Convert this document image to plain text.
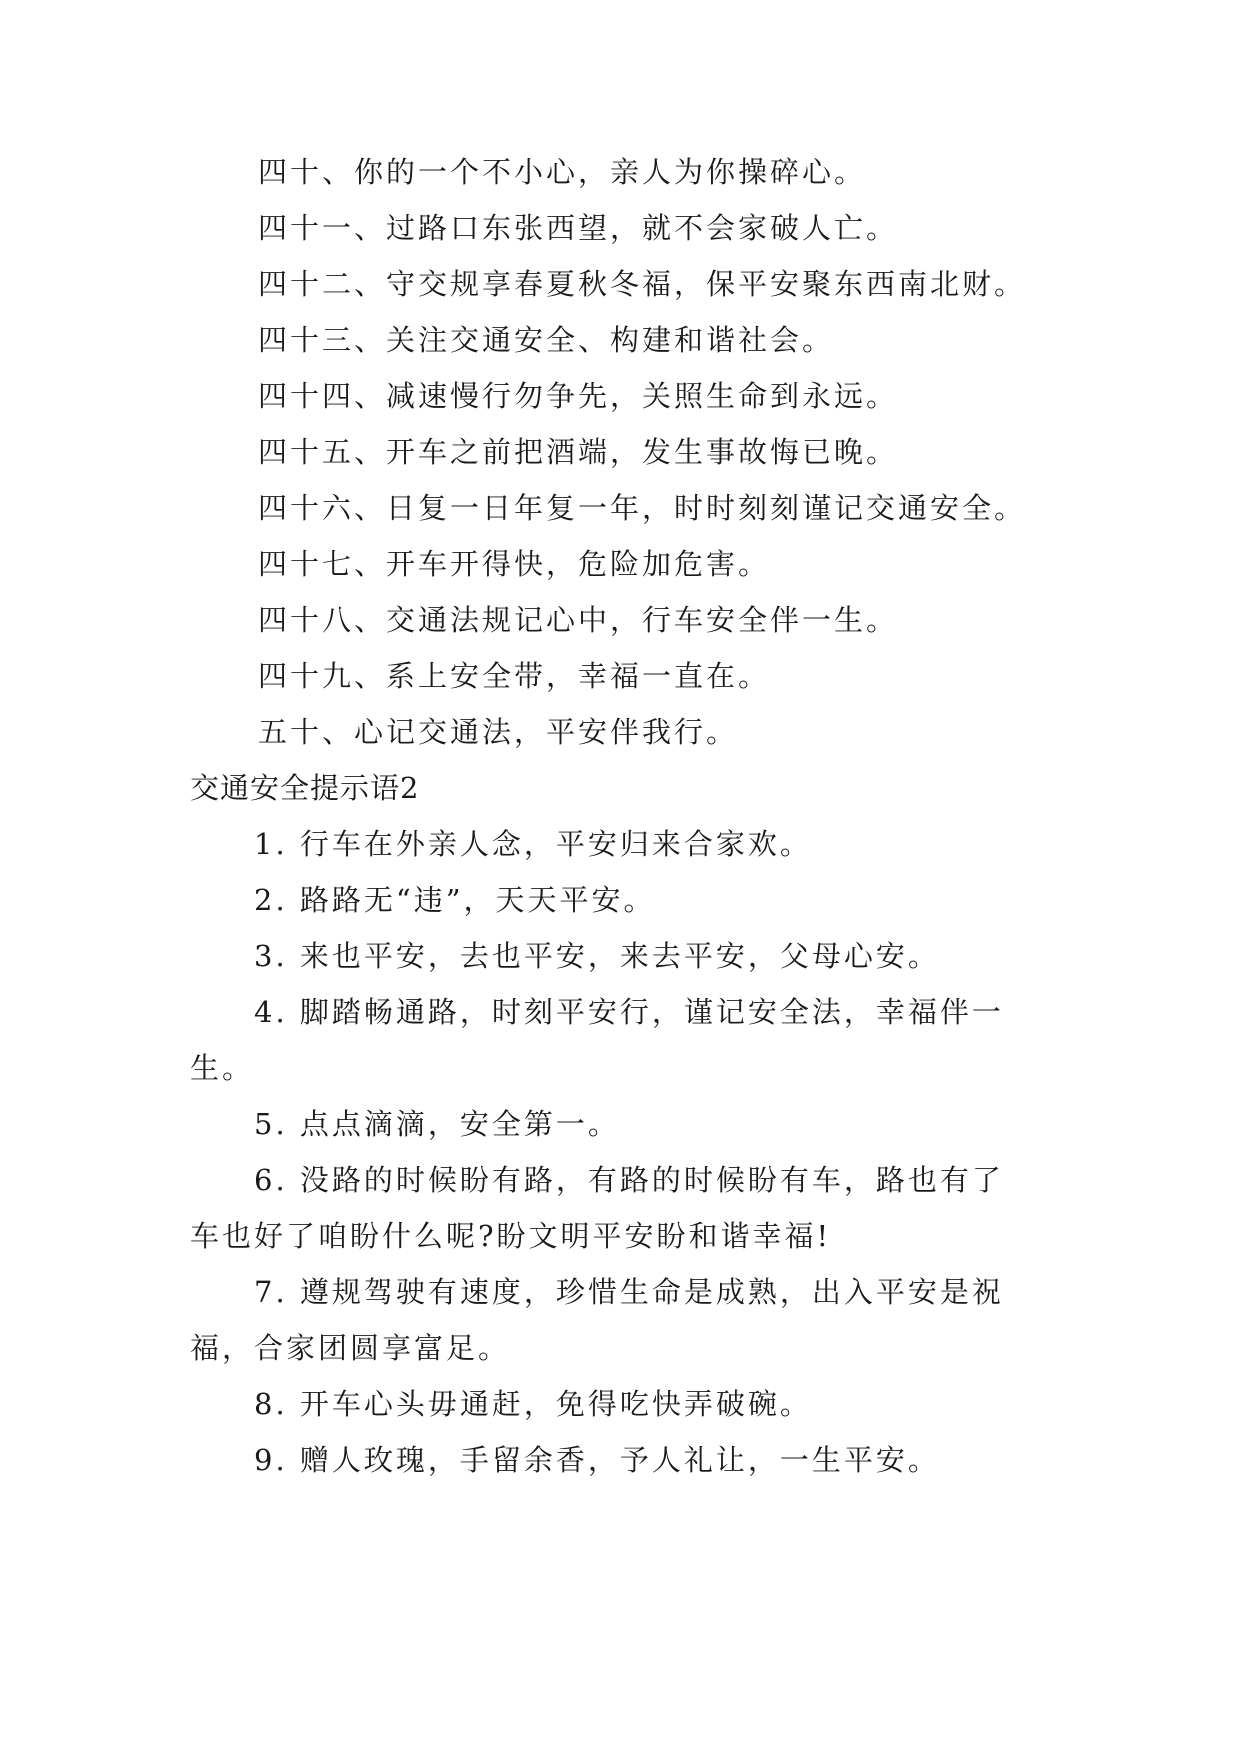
四十、你的一个不小心，亲人为你操碎心。
四十一、过路口东张西望，就不会家破人亡。
四十二、守交规享春夏秋冬福，保平安聚东西南北财。
四十三、关注交通安全、构建和谐社会。
四十四、减速慢行勿争先，关照生命到永远。
四十五、开车之前把酒端，发生事故悔已晚。
四十六、日复一日年复一年，时时刻刻谨记交通安全。
四十七、开车开得快，危险加危害。
四十八、交通法规记心中，行车安全伴一生。
四十九、系上安全带，幸福一直在。
五十、心记交通法，平安伴我行。
交通安全提示语2
1. 行车在外亲人念，平安归来合家欢。
2. 路路无“违”，天天平安。
3. 来也平安，去也平安，来去平安，父母心安。
4. 脚踏畅通路，时刻平安行，谨记安全法，幸福伴一
生。
5. 点点滴滴，安全第一。
6. 没路的时候盼有路，有路的时候盼有车，路也有了
车也好了咱盼什么呢?盼文明平安盼和谐幸福!
7. 遵规驾驶有速度，珍惜生命是成熟，出入平安是祝
福，合家团圆享富足。
8. 开车心头毋通赶，免得吃快弄破碗。
9. 赠人玫瑰，手留余香，予人礼让，一生平安。
